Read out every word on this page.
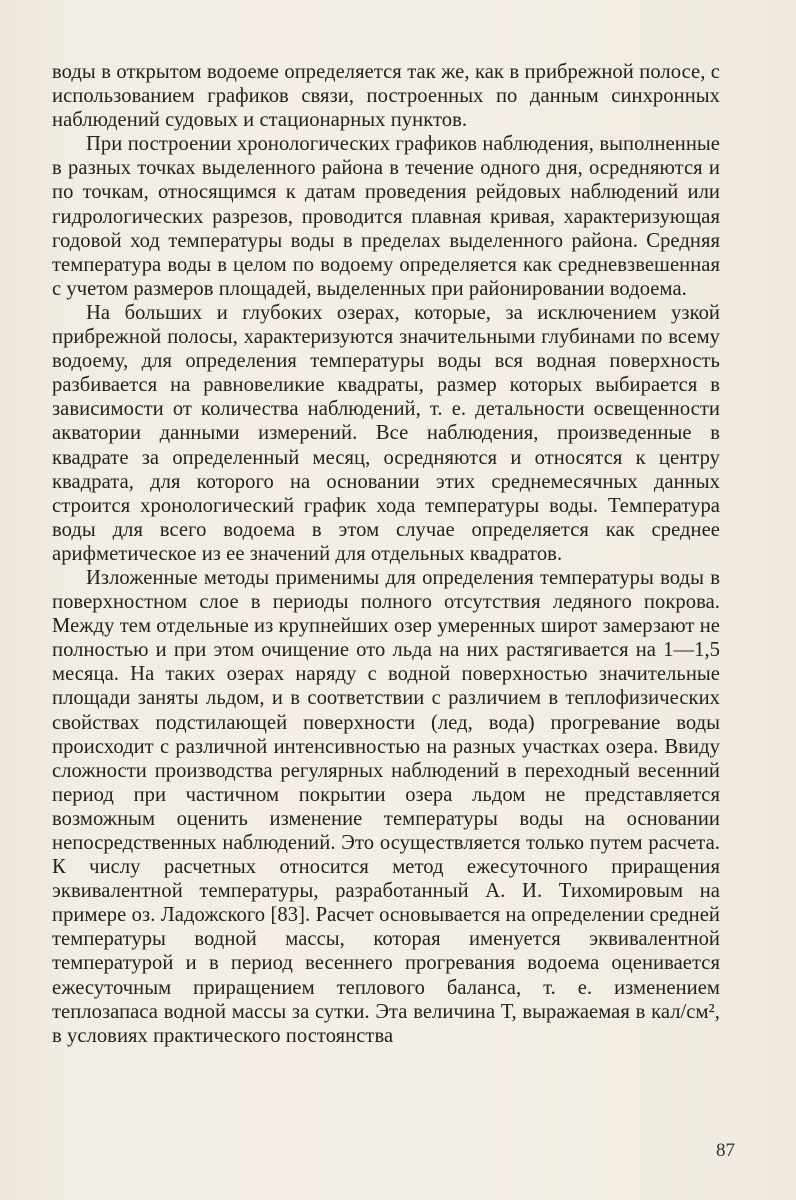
воды в открытом водоеме определяется так же, как в прибрежной полосе, с использованием графиков связи, построенных по данным синхронных наблюдений судовых и стационарных пунктов.

При построении хронологических графиков наблюдения, выполненные в разных точках выделенного района в течение одного дня, осредняются и по точкам, относящимся к датам проведения рейдовых наблюдений или гидрологических разрезов, проводится плавная кривая, характеризующая годовой ход температуры воды в пределах выделенного района. Средняя температура воды в целом по водоему определяется как средневзвешенная с учетом размеров площадей, выделенных при районировании водоема.

На больших и глубоких озерах, которые, за исключением узкой прибрежной полосы, характеризуются значительными глубинами по всему водоему, для определения температуры воды вся водная поверхность разбивается на равновеликие квадраты, размер которых выбирается в зависимости от количества наблюдений, т. е. детальности освещенности акватории данными измерений. Все наблюдения, произведенные в квадрате за определенный месяц, осредняются и относятся к центру квадрата, для которого на основании этих среднемесячных данных строится хронологический график хода температуры воды. Температура воды для всего водоема в этом случае определяется как среднее арифметическое из ее значений для отдельных квадратов.

Изложенные методы применимы для определения температуры воды в поверхностном слое в периоды полного отсутствия ледяного покрова. Между тем отдельные из крупнейших озер умеренных широт замерзают не полностью и при этом очищение ото льда на них растягивается на 1—1,5 месяца. На таких озерах наряду с водной поверхностью значительные площади заняты льдом, и в соответствии с различием в теплофизических свойствах подстилающей поверхности (лед, вода) прогревание воды происходит с различной интенсивностью на разных участках озера. Ввиду сложности производства регулярных наблюдений в переходный весенний период при частичном покрытии озера льдом не представляется возможным оценить изменение температуры воды на основании непосредственных наблюдений. Это осуществляется только путем расчета. К числу расчетных относится метод ежесуточного приращения эквивалентной температуры, разработанный А. И. Тихомировым на примере оз. Ладожского [83]. Расчет основывается на определении средней температуры водной массы, которая именуется эквивалентной температурой и в период весеннего прогревания водоема оценивается ежесуточным приращением теплового баланса, т. е. изменением теплозапаса водной массы за сутки. Эта величина Т, выражаемая в кал/см², в условиях практического постоянства

87
